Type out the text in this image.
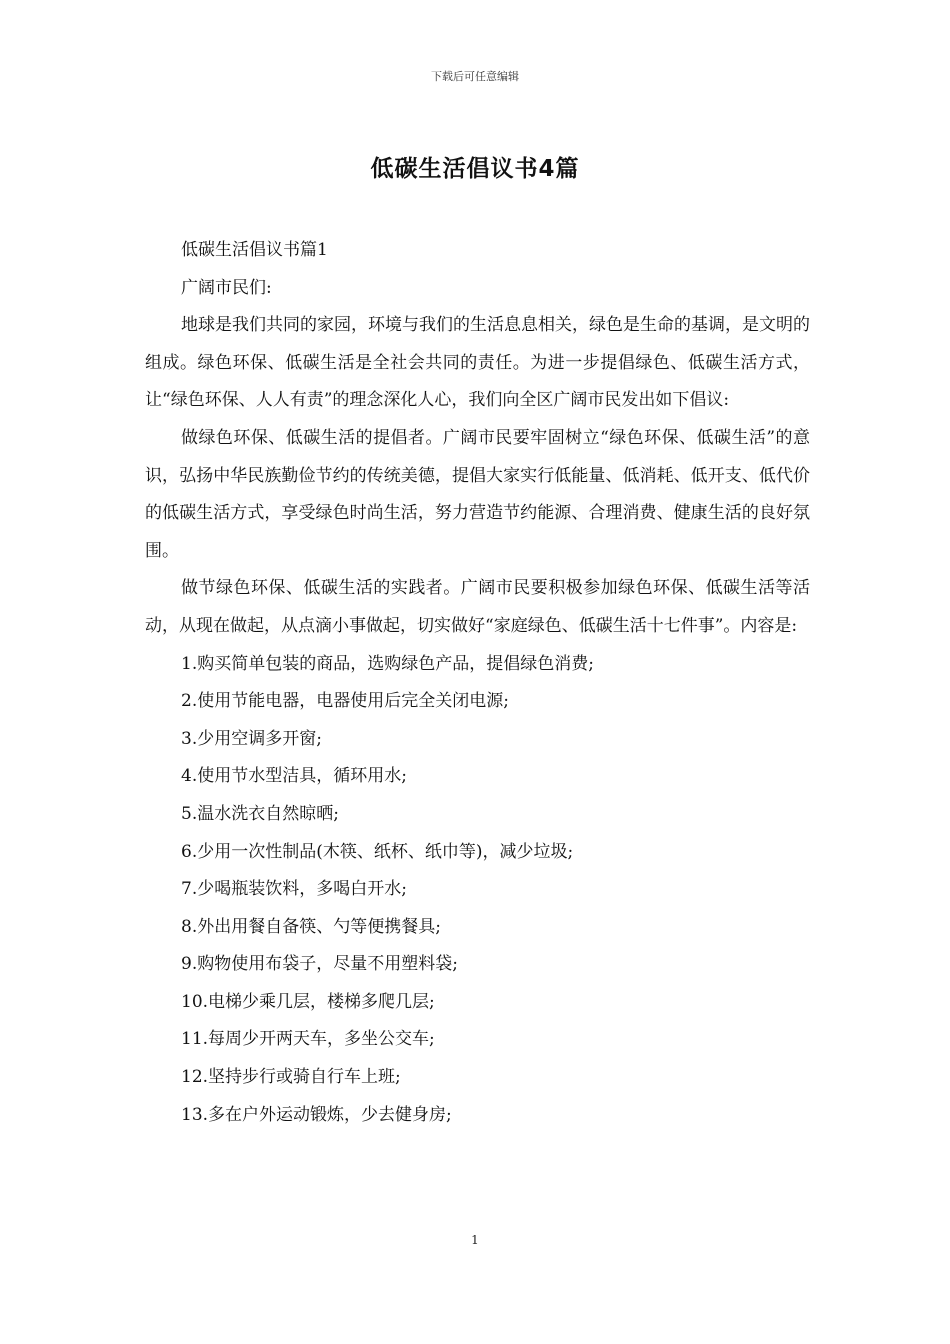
下载后可任意编辑
低碳生活倡议书4篇

低碳生活倡议书篇1

广阔市民们:

地球是我们共同的家园，环境与我们的生活息息相关，绿色是生命的基调，是文明的组成。绿色环保、低碳生活是全社会共同的责任。为进一步提倡绿色、低碳生活方式，让“绿色环保、人人有责”的理念深化人心，我们向全区广阔市民发出如下倡议:

做绿色环保、低碳生活的提倡者。广阔市民要牢固树立“绿色环保、低碳生活”的意识，弘扬中华民族勤俭节约的传统美德，提倡大家实行低能量、低消耗、低开支、低代价的低碳生活方式，享受绿色时尚生活，努力营造节约能源、合理消费、健康生活的良好氛围。

做节绿色环保、低碳生活的实践者。广阔市民要积极参加绿色环保、低碳生活等活动，从现在做起，从点滴小事做起，切实做好“家庭绿色、低碳生活十七件事”。内容是:

1.购买简单包装的商品，选购绿色产品，提倡绿色消费;

2.使用节能电器，电器使用后完全关闭电源;

3.少用空调多开窗;

4.使用节水型洁具，循环用水;

5.温水洗衣自然晾晒;

6.少用一次性制品(木筷、纸杯、纸巾等)，减少垃圾;

7.少喝瓶装饮料，多喝白开水;

8.外出用餐自备筷、勺等便携餐具;

9.购物使用布袋子，尽量不用塑料袋;

10.电梯少乘几层，楼梯多爬几层;

11.每周少开两天车，多坐公交车;

12.坚持步行或骑自行车上班;

13.多在户外运动锻炼，少去健身房;

1
